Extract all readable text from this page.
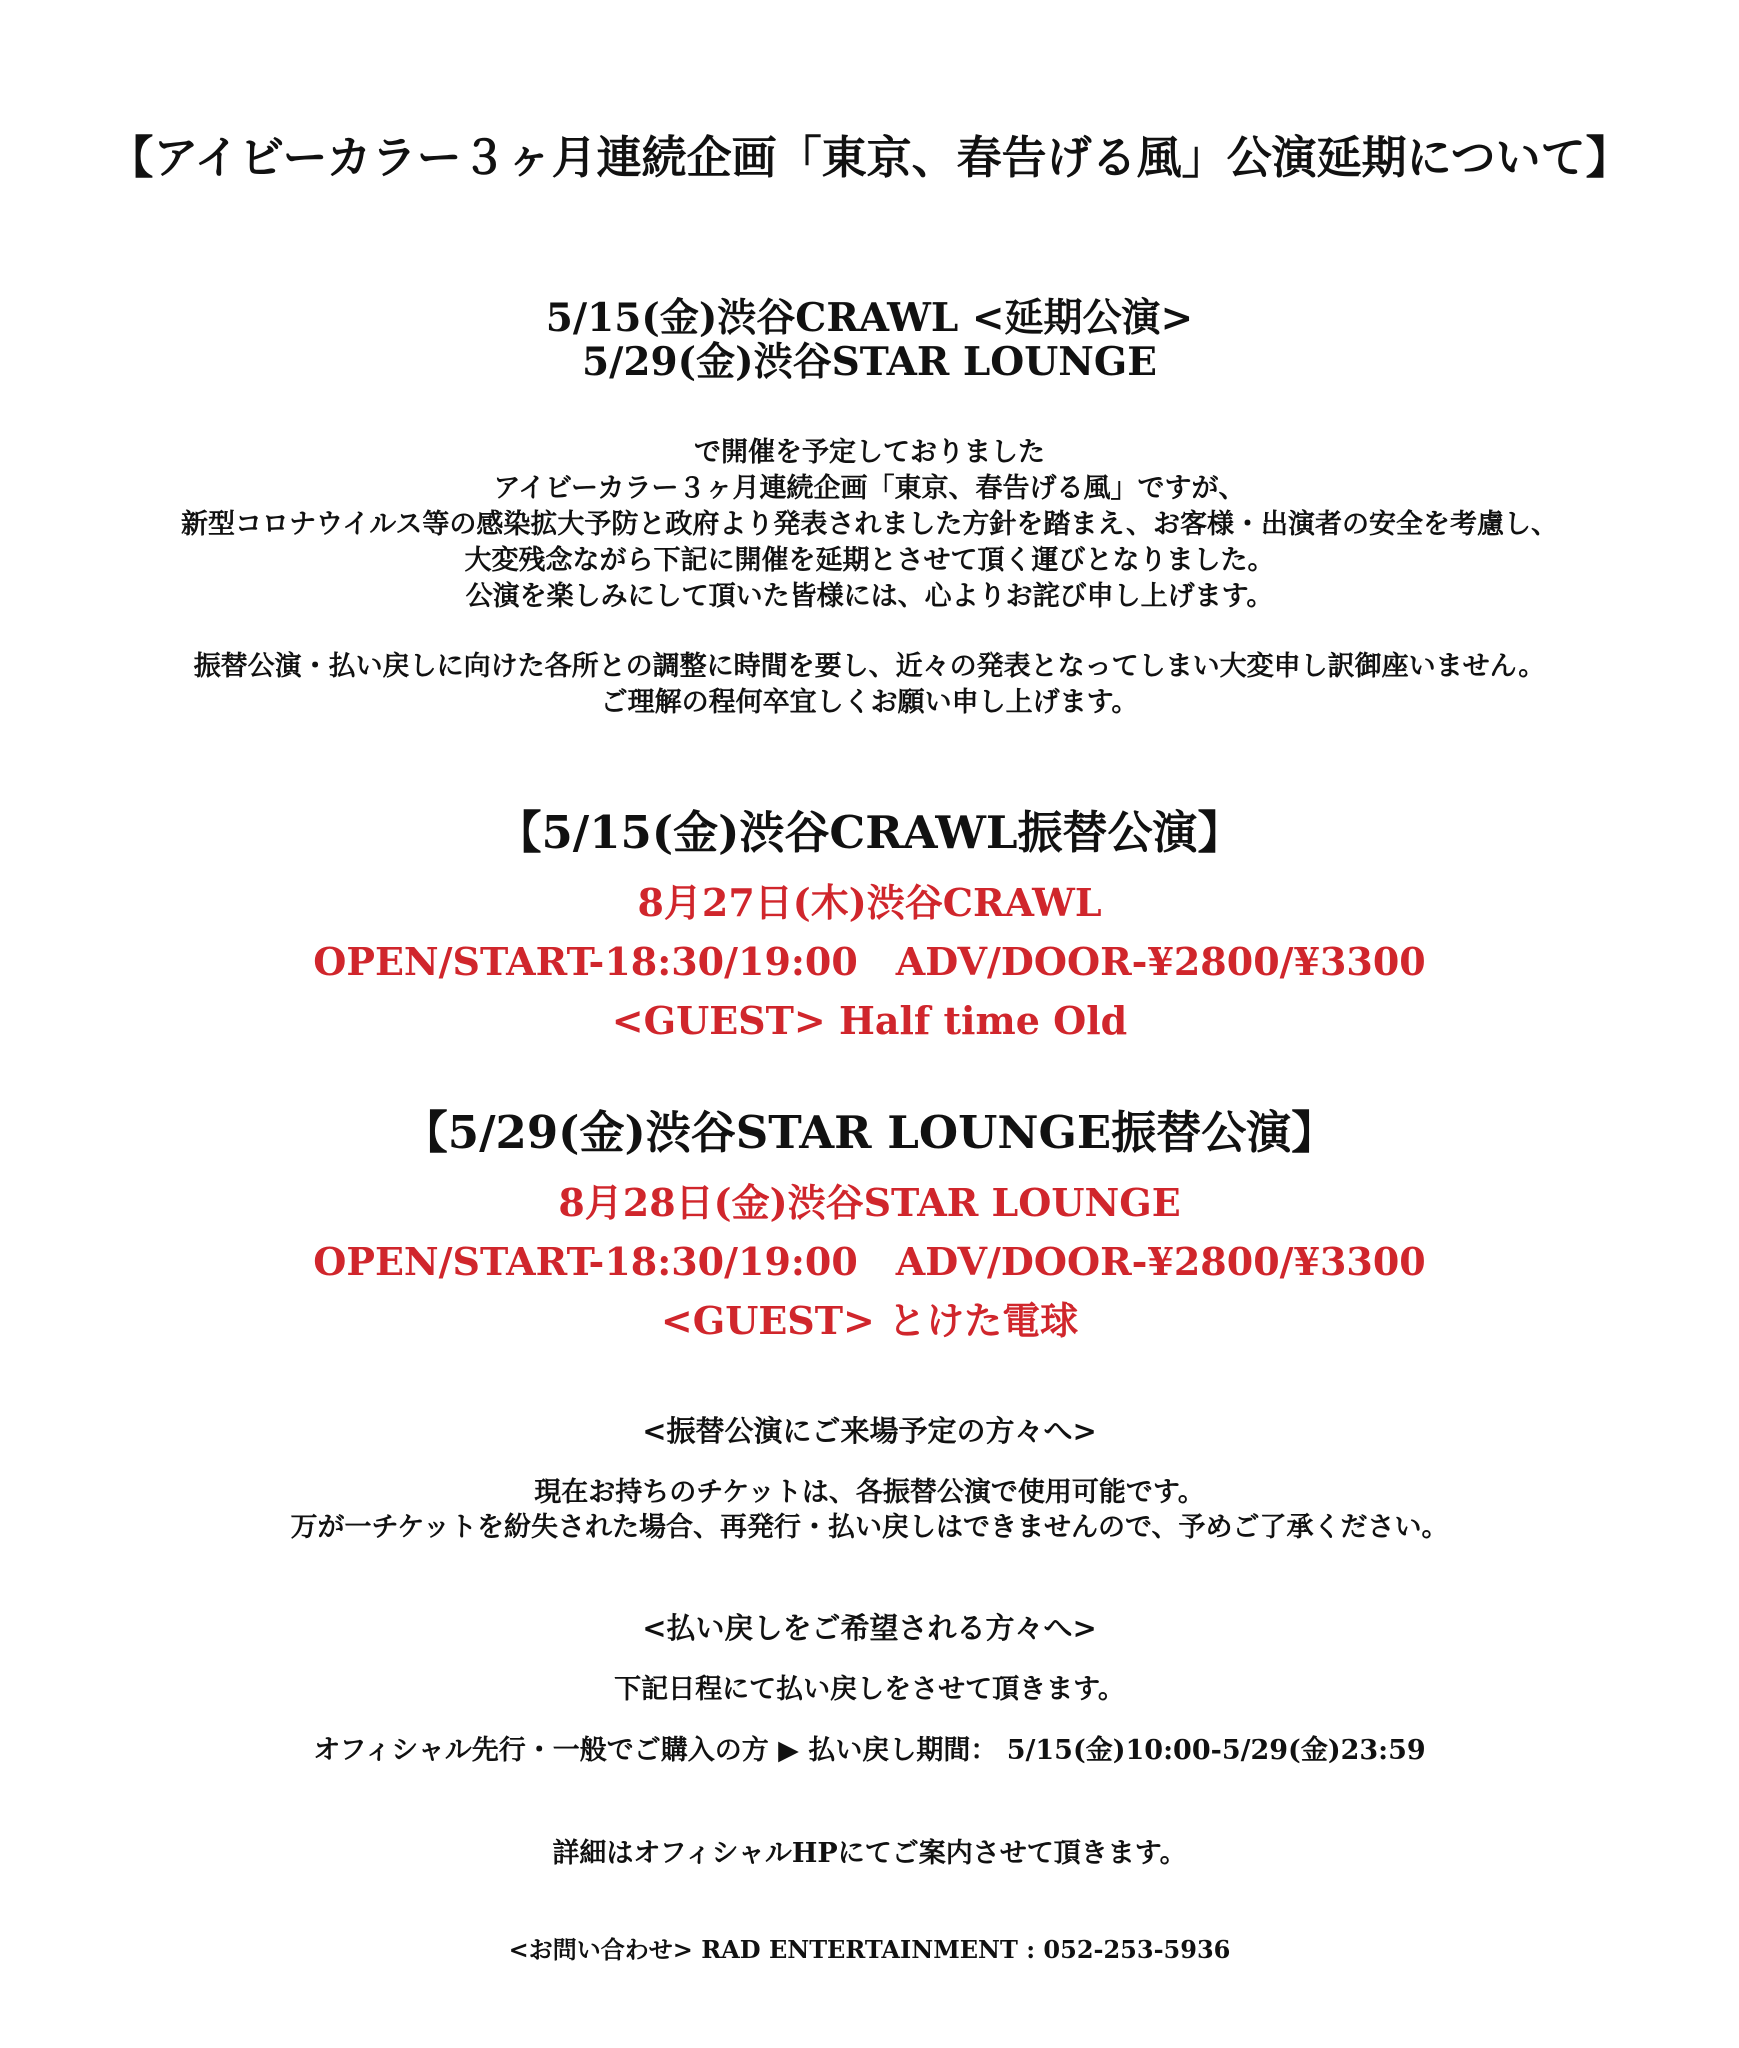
【アイビーカラー３ヶ月連続企画「東京、春告げる風」公演延期について】
5/15(金)渋谷CRAWL <延期公演>
5/29(金)渋谷STAR LOUNGE
で開催を予定しておりました
アイビーカラー３ヶ月連続企画「東京、春告げる風」ですが、
新型コロナウイルス等の感染拡大予防と政府より発表されました方針を踏まえ、お客様・出演者の安全を考慮し、
大変残念ながら下記に開催を延期とさせて頂く運びとなりました。
公演を楽しみにして頂いた皆様には、心よりお詫び申し上げます。
振替公演・払い戻しに向けた各所との調整に時間を要し、近々の発表となってしまい大変申し訳御座いません。
ご理解の程何卒宜しくお願い申し上げます。
【5/15(金)渋谷CRAWL振替公演】
8月27日(木)渋谷CRAWL
OPEN/START-18:30/19:00　ADV/DOOR-¥2800/¥3300
<GUEST> Half time Old
【5/29(金)渋谷STAR LOUNGE振替公演】
8月28日(金)渋谷STAR LOUNGE
OPEN/START-18:30/19:00　ADV/DOOR-¥2800/¥3300
<GUEST> とけた電球
<振替公演にご来場予定の方々へ>
現在お持ちのチケットは、各振替公演で使用可能です。
万が一チケットを紛失された場合、再発行・払い戻しはできませんので、予めご了承ください。
<払い戻しをご希望される方々へ>
下記日程にて払い戻しをさせて頂きます。
オフィシャル先行・一般でご購入の方 ▶ 払い戻し期間： 5/15(金)10:00-5/29(金)23:59
詳細はオフィシャルHPにてご案内させて頂きます。
<お問い合わせ> RAD ENTERTAINMENT : 052-253-5936
